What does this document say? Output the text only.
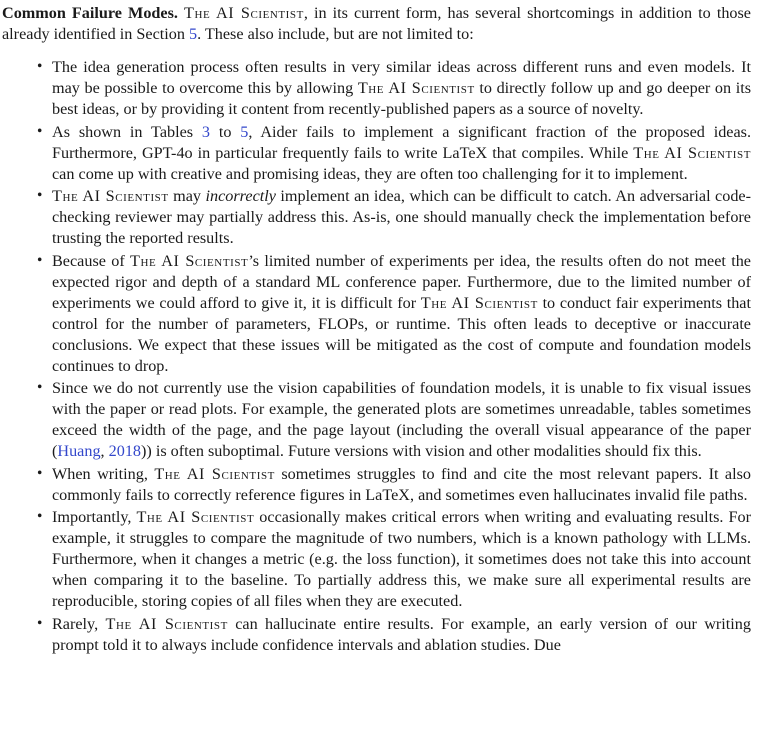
Common Failure Modes. The AI Scientist, in its current form, has several shortcomings in addition to those already identified in Section 5. These also include, but are not limited to:

• The idea generation process often results in very similar ideas across different runs and even models. It may be possible to overcome this by allowing The AI Scientist to directly follow up and go deeper on its best ideas, or by providing it content from recently-published papers as a source of novelty.
• As shown in Tables 3 to 5, Aider fails to implement a significant fraction of the proposed ideas. Furthermore, GPT-4o in particular frequently fails to write LaTeX that compiles. While The AI Scientist can come up with creative and promising ideas, they are often too challenging for it to implement.
• The AI Scientist may incorrectly implement an idea, which can be difficult to catch. An adversarial code-checking reviewer may partially address this. As-is, one should manually check the implementation before trusting the reported results.
• Because of The AI Scientist’s limited number of experiments per idea, the results often do not meet the expected rigor and depth of a standard ML conference paper. Furthermore, due to the limited number of experiments we could afford to give it, it is difficult for The AI Scientist to conduct fair experiments that control for the number of parameters, FLOPs, or runtime. This often leads to deceptive or inaccurate conclusions. We expect that these issues will be mitigated as the cost of compute and foundation models continues to drop.
• Since we do not currently use the vision capabilities of foundation models, it is unable to fix visual issues with the paper or read plots. For example, the generated plots are sometimes unreadable, tables sometimes exceed the width of the page, and the page layout (including the overall visual appearance of the paper (Huang, 2018)) is often suboptimal. Future versions with vision and other modalities should fix this.
• When writing, The AI Scientist sometimes struggles to find and cite the most relevant papers. It also commonly fails to correctly reference figures in LaTeX, and sometimes even hallucinates invalid file paths.
• Importantly, The AI Scientist occasionally makes critical errors when writing and evaluating results. For example, it struggles to compare the magnitude of two numbers, which is a known pathology with LLMs. Furthermore, when it changes a metric (e.g. the loss function), it sometimes does not take this into account when comparing it to the baseline. To partially address this, we make sure all experimental results are reproducible, storing copies of all files when they are executed.
• Rarely, The AI Scientist can hallucinate entire results. For example, an early version of our writing prompt told it to always include confidence intervals and ablation studies. Due
